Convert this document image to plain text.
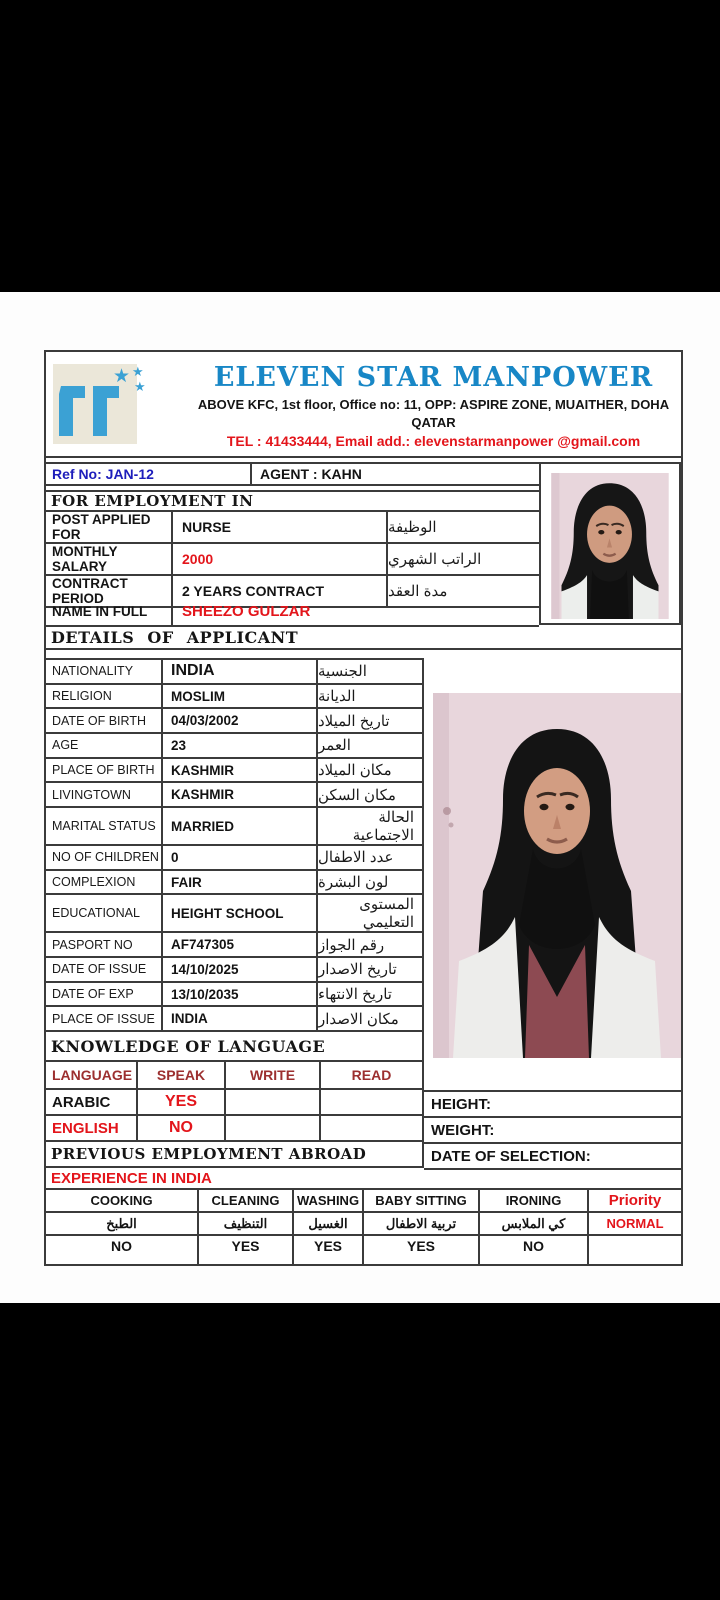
★ ★
★	ELEVEN STAR MANPOWER
ABOVE KFC, 1st floor, Office no: 11, OPP: ASPIRE ZONE, MUAITHER, DOHA QATAR
TEL : 41433444, Email add.: elevenstarmanpower @gmail.com
Ref No: JAN-12	AGENT : KAHN
FOR EMPLOYMENT IN
POST APPLIED FOR	NURSE	الوظيفة
MONTHLY SALARY	2000	الراتب الشهري
CONTRACT PERIOD	2 YEARS CONTRACT	مدة العقد
NAME IN FULL	SHEEZO GULZAR
DETAILS OF APPLICANT
NATIONALITY	INDIA	الجنسية
RELIGION	MOSLIM	الديانة
DATE OF BIRTH	04/03/2002	تاريخ الميلاد
AGE	23	العمر
PLACE OF BIRTH	KASHMIR	مكان الميلاد
LIVINGTOWN	KASHMIR	مكان السكن
MARITAL STATUS	MARRIED	الحالة الاجتماعية
NO OF CHILDREN 0	عدد الاطفال
COMPLEXION	FAIR	لون البشرة
EDUCATIONAL	HEIGHT SCHOOL	المستوى التعليمي
PASPORT NO	AF747305	رقم الجواز
DATE OF ISSUE	14/10/2025	تاريخ الاصدار
DATE OF EXP	13/10/2035	تاريخ الانتهاء
PLACE OF ISSUE	INDIA	مكان الاصدار
KNOWLEDGE OF LANGUAGE
LANGUAGE	SPEAK	WRITE	READ
ARABIC	YES
ENGLISH	NO
PREVIOUS EMPLOYMENT ABROAD
HEIGHT:
WEIGHT:
DATE OF SELECTION:
EXPERIENCE IN INDIA
COOKING	CLEANING	WASHING	BABY SITTING	IRONING	Priority
الطبخ	التنظيف	الغسيل	تربية الاطفال	كي الملابس	NORMAL
NO	YES	YES	YES	NO
